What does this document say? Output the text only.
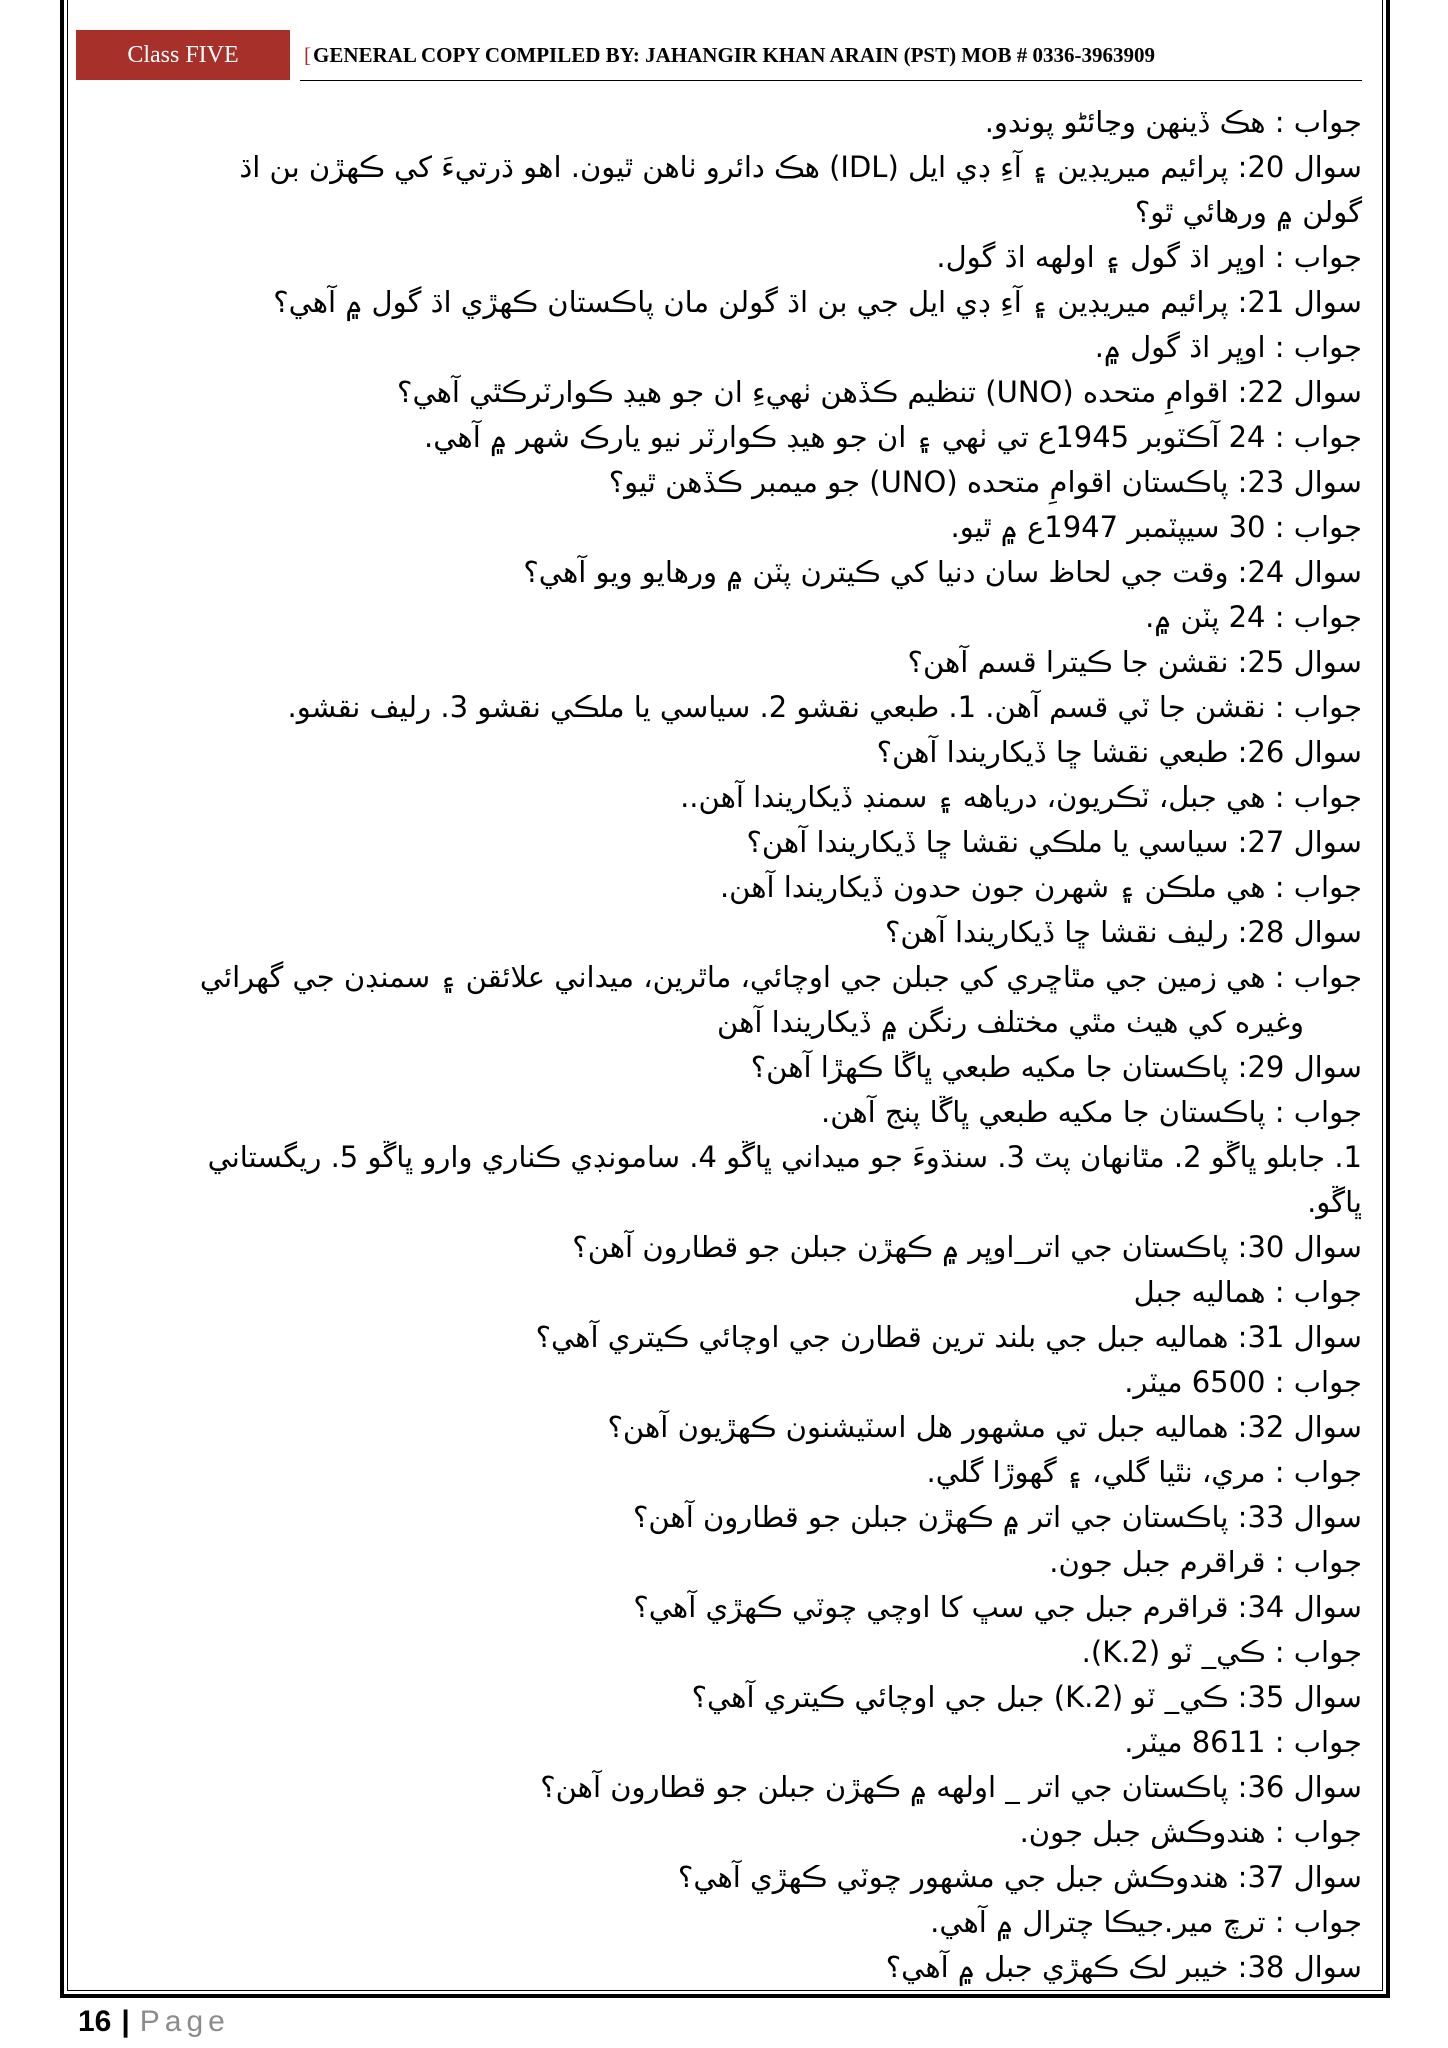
Class FIVE	[ GENERAL COPY COMPILED BY: JAHANGIR KHAN ARAIN (PST) MOB # 0336-3963909
جواب : هڪ ڏينهن وڃائڻو پوندو.
سوال 20: پرائيم ميريڊين ۽ آءِ ڊي ايل (IDL) هڪ دائرو ٺاهن ٿيون. اهو ڌرتيءَ کي ڪهڙن بن اڌ
گولن ۾ ورهائي ٿو؟
جواب : اوڀر اڌ گول ۽ اولهه اڌ گول.
سوال 21: پرائيم ميريڊين ۽ آءِ ڊي ايل جي بن اڌ گولن مان پاڪستان ڪهڙي اڌ گول ۾ آهي؟
جواب : اوڀر اڌ گول ۾.
سوال 22: اقوامِ متحده (UNO) تنظيم ڪڏهن ٺهيءِ ان جو هيڊ ڪوارٽرڪٿي آهي؟
جواب : 24 آڪٽوبر 1945ع تي ٺهي ۽ ان جو هيڊ ڪوارٽر نيو يارڪ شهر ۾ آهي.
سوال 23: پاڪستان اقوامِ متحده (UNO) جو ميمبر ڪڏهن ٿيو؟
جواب : 30 سيپٽمبر 1947ع ۾ ٿيو.
سوال 24: وقت جي لحاظ سان دنيا کي ڪيترن پٽن ۾ ورهايو ويو آهي؟
جواب : 24 پٽن ۾.
سوال 25: نقشن جا ڪيترا قسم آهن؟
جواب : نقشن جا ٽي قسم آهن. 1. طبعي نقشو 2. سياسي يا ملڪي نقشو 3. رليف نقشو.
سوال 26: طبعي نقشا ڇا ڏيکاريندا آهن؟
جواب : هي جبل، ٽڪريون، درياهه ۽ سمنڊ ڏيکاريندا آهن..
سوال 27: سياسي يا ملڪي نقشا ڇا ڏيکاريندا آهن؟
جواب : هي ملڪن ۽ شهرن جون حدون ڏيکاريندا آهن.
سوال 28: رليف نقشا ڇا ڏيکاريندا آهن؟
جواب : هي زمين جي مٿاڇري کي جبلن جي اوچائي، ماٿرين، ميداني علائقن ۽ سمنڊن جي گهرائي
وغيره کي هيٺ مٿي مختلف رنگن ۾ ڏيکاريندا آهن
سوال 29: پاڪستان جا مکيه طبعي ڀاڱا ڪهڙا آهن؟
جواب : پاڪستان جا مکيه طبعي ڀاڱا پنج آهن.
1. جابلو ڀاڱو 2. مٿانهان پٽ 3. سنڌوءَ جو ميداني ڀاڱو 4. سامونڊي ڪناري وارو ڀاڱو 5. ريگستاني
ڀاڱو.
سوال 30: پاڪستان جي اتر_اوڀر ۾ ڪهڙن جبلن جو قطارون آهن؟
جواب : هماليه جبل
سوال 31: هماليه جبل جي بلند ترين قطارن جي اوچائي ڪيتري آهي؟
جواب : 6500 ميٽر.
سوال 32: هماليه جبل تي مشهور هل اسٽيشنون ڪهڙيون آهن؟
جواب : مري، نٿيا گلي، ۽ گهوڙا گلي.
سوال 33: پاڪستان جي اتر ۾ ڪهڙن جبلن جو قطارون آهن؟
جواب : قراقرم جبل جون.
سوال 34: قراقرم جبل جي سڀ کا اوچي چوٽي ڪهڙي آهي؟
جواب : ڪي_ ٽو (K.2).
سوال 35: ڪي_ ٽو (K.2) جبل جي اوچائي ڪيتري آهي؟
جواب : 8611 ميٽر.
سوال 36: پاڪستان جي اتر _ اولهه ۾ ڪهڙن جبلن جو قطارون آهن؟
جواب : هندوڪش جبل جون.
سوال 37: هندوڪش جبل جي مشهور چوٽي ڪهڙي آهي؟
جواب : ترچ مير.جيڪا چترال ۾ آهي.
سوال 38: خيبر لڪ ڪهڙي جبل ۾ آهي؟
16 | Page
